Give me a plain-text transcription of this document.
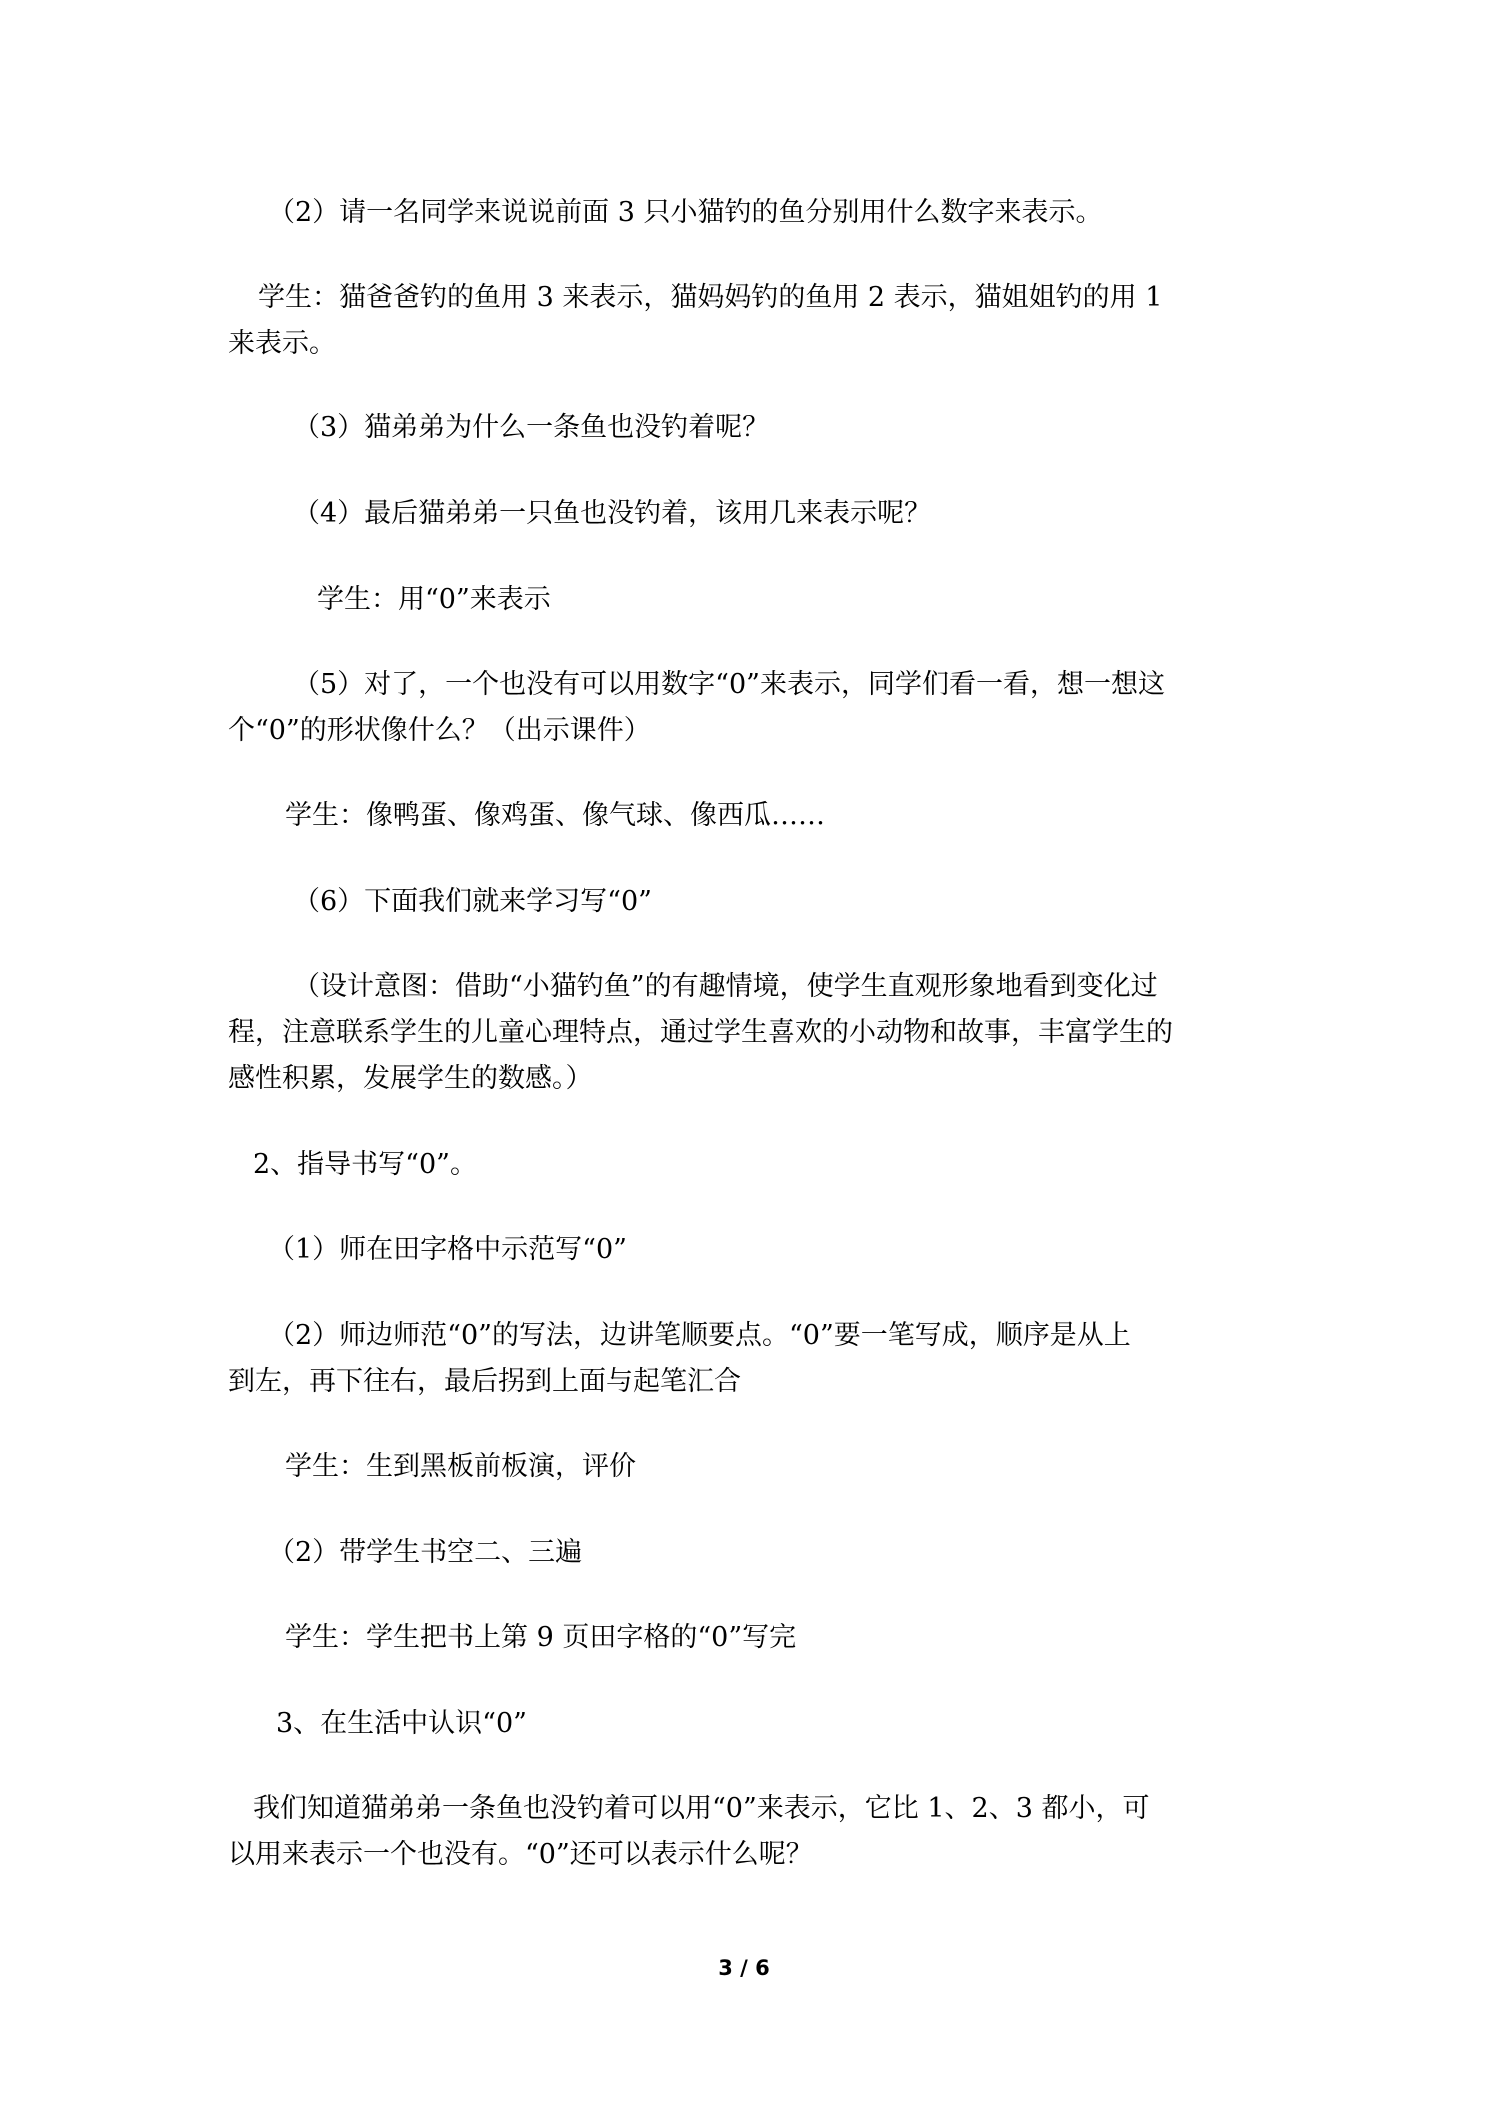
（2）请一名同学来说说前面 3 只小猫钓的鱼分别用什么数字来表示。
学生：猫爸爸钓的鱼用 3 来表示，猫妈妈钓的鱼用 2 表示，猫姐姐钓的用 1
来表示。
（3）猫弟弟为什么一条鱼也没钓着呢？
（4）最后猫弟弟一只鱼也没钓着，该用几来表示呢？
学生：用“0”来表示
（5）对了，一个也没有可以用数字“0”来表示，同学们看一看，想一想这
个“0”的形状像什么？（出示课件）
学生：像鸭蛋、像鸡蛋、像气球、像西瓜……
（6）下面我们就来学习写“0”
（设计意图：借助“小猫钓鱼”的有趣情境，使学生直观形象地看到变化过
程，注意联系学生的儿童心理特点，通过学生喜欢的小动物和故事，丰富学生的
感性积累，发展学生的数感。）
2、指导书写“0”。
（1）师在田字格中示范写“0”
（2）师边师范“0”的写法，边讲笔顺要点。“0”要一笔写成，顺序是从上
到左，再下往右，最后拐到上面与起笔汇合
学生：生到黑板前板演，评价
（2）带学生书空二、三遍
学生：学生把书上第 9 页田字格的“0”写完
3、在生活中认识“0”
我们知道猫弟弟一条鱼也没钓着可以用“0”来表示，它比 1、2、3 都小，可
以用来表示一个也没有。“0”还可以表示什么呢？
3 / 6
